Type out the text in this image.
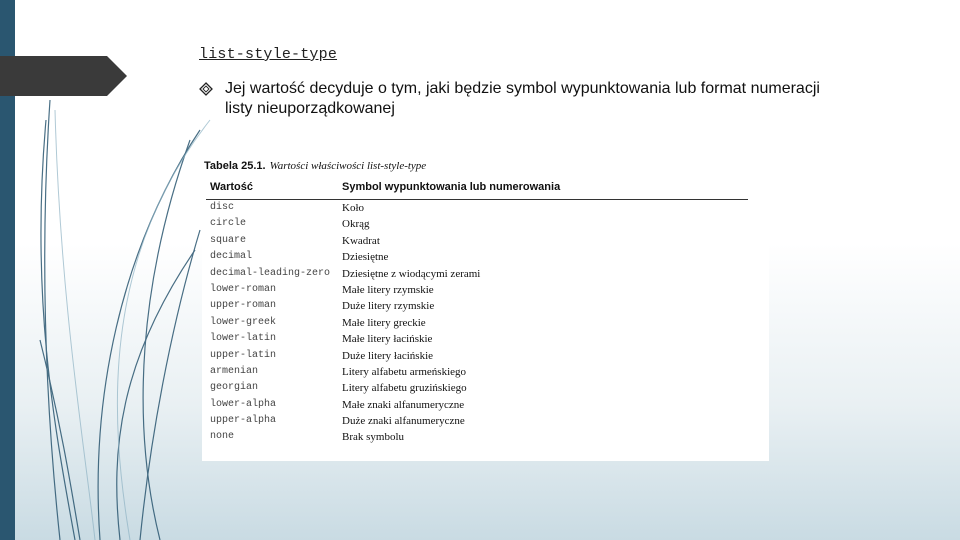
list-style-type
Jej wartość decyduje o tym, jaki będzie symbol wypunktowania lub format numeracji listy nieuporządkowanej
Tabela 25.1. Wartości właściwości list-style-type
Wartość	Symbol wypunktowania lub numerowania
disc	Koło
circle	Okrąg
square	Kwadrat
decimal	Dziesiętne
decimal-leading-zero Dziesiętne z wiodącymi zerami
lower-roman	Małe litery rzymskie
upper-roman	Duże litery rzymskie
lower-greek	Małe litery greckie
lower-latin	Małe litery łacińskie
upper-latin	Duże litery łacińskie
armenian	Litery alfabetu armeńskiego
georgian	Litery alfabetu gruzińskiego
lower-alpha	Małe znaki alfanumeryczne
upper-alpha	Duże znaki alfanumeryczne
none	Brak symbolu
